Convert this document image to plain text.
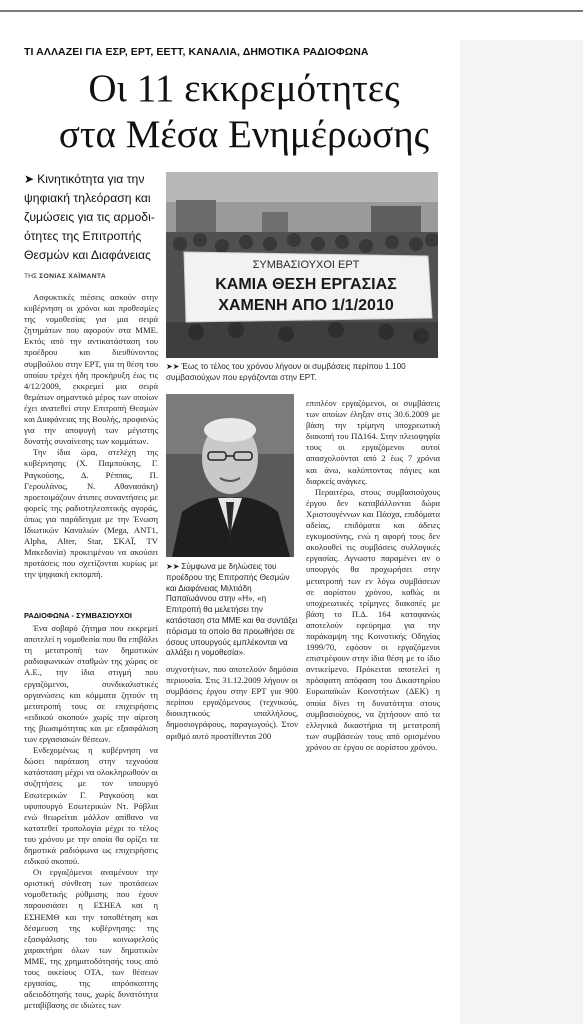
ΤΙ ΑΛΛΑΖΕΙ ΓΙΑ ΕΣΡ, ΕΡΤ, ΕΕΤΤ, ΚΑΝΑΛΙΑ, ΔΗΜΟΤΙΚΑ ΡΑΔΙΟΦΩΝΑ
Οι 11 εκκρεμότητες
στα Μέσα Ενημέρωσης
➤ Κινητικότητα για την
ψηφιακή τηλεόραση και
ζυμώσεις για τις αρμοδι-
ότητες της Επιτροπής
Θεσμών και Διαφάνειας
ΤΗΣ ΣΟΝΙΑΣ ΧΑΪΜΑΝΤΑ

Ασφυκτικές πιέσεις ασκούν στην κυβέρνηση οι χρόνοι και προθεσμίες της νομοθεσίας για μια σειρά ζητημάτων που αφορούν στα ΜΜΕ. Εκτός από την αντικατάσταση του προέδρου και διευθύνοντος συμβούλου στην ΕΡΤ, για τη θέση του οποίου τρέχει ήδη προκήρυξη έως τις 4/12/2009, εκκρεμεί μια σειρά θεμάτων σημαντικό μέρος των οποίων έχει ανατεθεί στην Επιτροπή Θεσμών και Διαφάνειας της Βουλής, προφανώς για την αποφυγή των μέγιστης δυνατής συναίνεσης των κομμάτων.

Την ίδια ώρα, στελέχη της κυβέρνησης (Χ. Παμπούκης, Γ. Ραγκούσης, Δ. Ρέππας, Π. Γερουλάνος, Ν. Αθανασάκη) προετοιμάζουν άτυπες συναντήσεις με φορείς της ραδιοτηλεοπτικής αγοράς, όπως για παράδειγμα με την Ένωση Ιδιωτικών Καναλιών (Mega, ANT1, Alpha, Alter, Star, ΣΚΑΪ, TV Μακεδονία) προκειμένου να ακούσει προτάσεις που σχετίζονται κυρίως με την ψηφιακή εκπομπή.

ΡΑΔΙΟΦΩΝΑ - ΣΥΜΒΑΣΙΟΥΧΟΙ

Ένα σοβαρό ζήτημα που εκκρεμεί αποτελεί η νομοθεσία που θα επιβάλει τη μετατροπή των δημοτικών ραδιοφωνικών σταθμών της χώρας σε Α.Ε., την ίδια στιγμή που εργαζόμενοι, συνδικαλιστικές οργανώσεις και κόμματα ζητούν τη μετατροπή τους σε επιχειρήσεις «ειδικού σκοπού» χωρίς την αίρεση της βιωσιμότητας και με εξασφάλιση των εργασιακών θέσεων.

Ενδεχομένως η κυβέρνηση να δώσει παράταση στην τεχνούσα κατάσταση μέχρι να ολοκληρωθούν οι συζητήσεις με τον υπουργό Εσωτερικών Γ. Ραγκούση και υφυπουργό Εσωτερικών Ντ. Ρόβλια ενώ θεωρείται μάλλον απίθανο να κατατεθεί τροπολογία μέχρι το τέλος του χρόνου με την οποία θα ορίζει τα δημοτικά ραδιόφωνα ως επιχειρήσεις ειδικού σκοπού.

Οι εργαζόμενοι αναμένουν την οριστική σύνθεση των προτάσεων νομοθετικής ρύθμισης που έχουν παρουσιάσει η ΕΣΗΕΑ και η ΕΣΗΕΜΘ και την τοποθέτηση και δέσμευση της κυβέρνησης: της εξασφάλισης του κοινωφελούς χαρακτήρα όλων των δημοτικών ΜΜΕ, της χρηματοδότησής τους από τους οικείους ΟΤΑ, των θέσεων εργασίας, της απρόσκοπτης αδειοδότησής τους, χωρίς δυνατότητα μεταβίβασης σε ιδιώτες των

ΣΥΜΒΑΣΙΟΥΧΟΙ ΕΡΤ
ΚΑΜΙΑ ΘΕΣΗ ΕΡΓΑΣΙΑΣ
ΧΑΜΕΝΗ ΑΠΟ 1/1/2010
➤➤ Έως το τέλος του χρόνου λήγουν οι συμβάσεις περίπου 1.100 συμβασιούχων που εργάζονται στην ΕΡΤ.
➤➤ Σύμφωνα με δηλώσεις του προέδρου της Επιτροπής Θεσμών και Διαφάνειας Μιλτιάδη Παπαϊωάννου στην «Η», «η Επιτροπή θα μελετήσει την κατάσταση στα ΜΜΕ και θα συντάξει πόρισμα το οποίο θα προωθήσει σε όσους υπουργούς εμπλέκονται να αλλάξει η νομοθεσία».

συχνοτήτων, που αποτελούν δημόσια περιουσία. Στις 31.12.2009 λήγουν οι συμβάσεις έργου στην ΕΡΤ για 900 περίπου εργαζόμενους (τεχνικούς, διοικητικούς υπαλλήλους, δημοσιογράφους, παραγωγούς). Στον αριθμό αυτό προστίθενται 200

επιπλέον εργαζόμενοι, οι συμβάσεις των οποίων έληξαν στις 30.6.2009 με βάση την τρίμηνη υποχρεωτική διακοπή του ΠΔ164. Στην πλειοψηφία τους οι εργαζόμενοι αυτοί απασχολούνται από 2 έως 7 χρόνια και άνω, καλύπτοντας πάγιες και διαρκείς ανάγκες.

Περαιτέρω, στους συμβασιούχους έργου δεν καταβάλλονται δώρα Χριστουγέννων και Πάσχα, επιδόματα αδείας, επιδόματα και άδειες εγκυμοσύνης, ενώ η αφορή τους δεν ακολουθεί τις συμβάσεις συλλογικές εργασίας. Αγνωστο παραμένει αν ο υπουργός θα προχωρήσει στην μετατροπή των εν λόγω συμβάσεων σε αορίστου χρόνου, καθώς οι υποχρεωτικές τρίμηνες διακοπές με βάση το Π.Δ. 164 καταφανώς αποτελούν εφεύρημα για την παράκαμψη της Κοινοτικής Οδηγίας 1999/70, εφόσον οι εργαζόμενοι επιστρέφουν στην ίδια θέση με το ίδιο αντικείμενο. Πρόκειται αποτελεί η πρόσφατη απόφαση του Δικαστηρίου Ευρωπαϊκών Κοινοτήτων (ΔΕΚ) η οποία δίνει τη δυνατότητα στους συμβασιούχους, να ζητήσουν από τα ελληνικά δικαστήρια τη μετατροπή των συμβάσεών τους από ορισμένου χρόνου σε έργου σε αορίστου χρόνου.
